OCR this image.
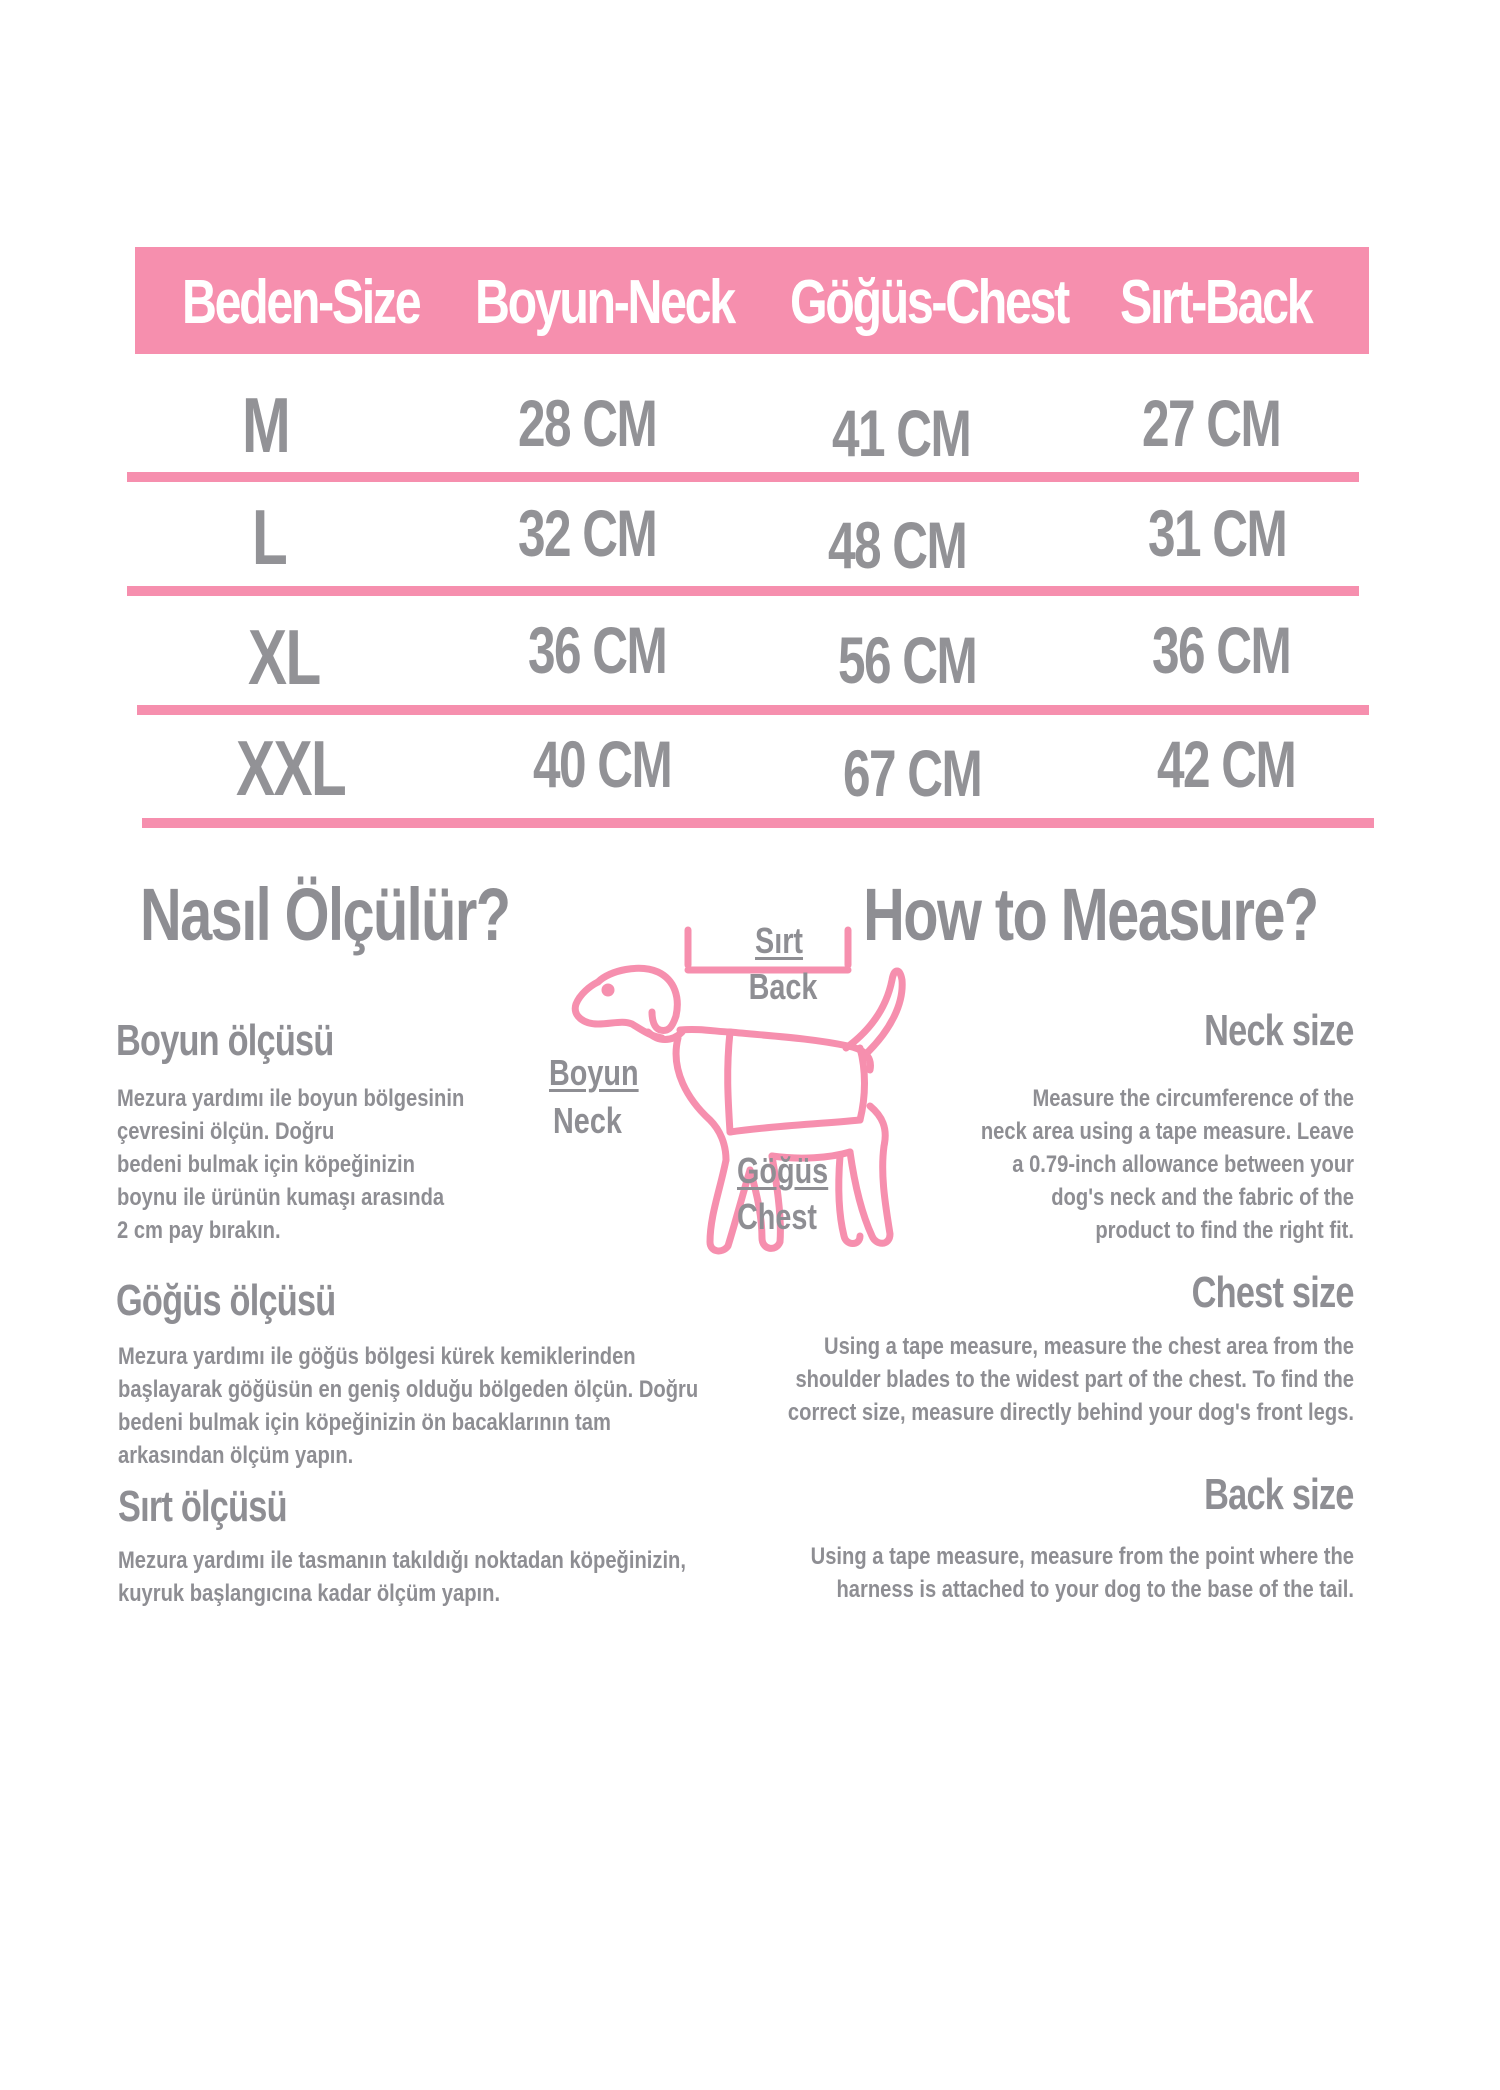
Beden-Size Boyun-Neck Göğüs-Chest Sırt-Back
M	28 CM	41 CM	27 CM
L	32 CM	48 CM	31 CM
XL	36 CM	56 CM	36 CM
XXL	40 CM	67 CM	42 CM
Nasıl Ölçülür?	How to Measure?
Sırt
Back
Boyun
Neck
Göğüs
Chest
Boyun ölçüsü
Mezura yardımı ile boyun bölgesinin
çevresini ölçün. Doğru
bedeni bulmak için köpeğinizin
boynu ile ürünün kumaşı arasında
2 cm pay bırakın.
Göğüs ölçüsü
Mezura yardımı ile göğüs bölgesi kürek kemiklerinden
başlayarak göğüsün en geniş olduğu bölgeden ölçün. Doğru
bedeni bulmak için köpeğinizin ön bacaklarının tam
arkasından ölçüm yapın.
Sırt ölçüsü
Mezura yardımı ile tasmanın takıldığı noktadan köpeğinizin,
kuyruk başlangıcına kadar ölçüm yapın.
Neck size
Measure the circumference of the
neck area using a tape measure. Leave
a 0.79-inch allowance between your
dog's neck and the fabric of the
product to find the right fit.
Chest size
Using a tape measure, measure the chest area from the
shoulder blades to the widest part of the chest. To find the
correct size, measure directly behind your dog's front legs.
Back size
Using a tape measure, measure from the point where the
harness is attached to your dog to the base of the tail.
